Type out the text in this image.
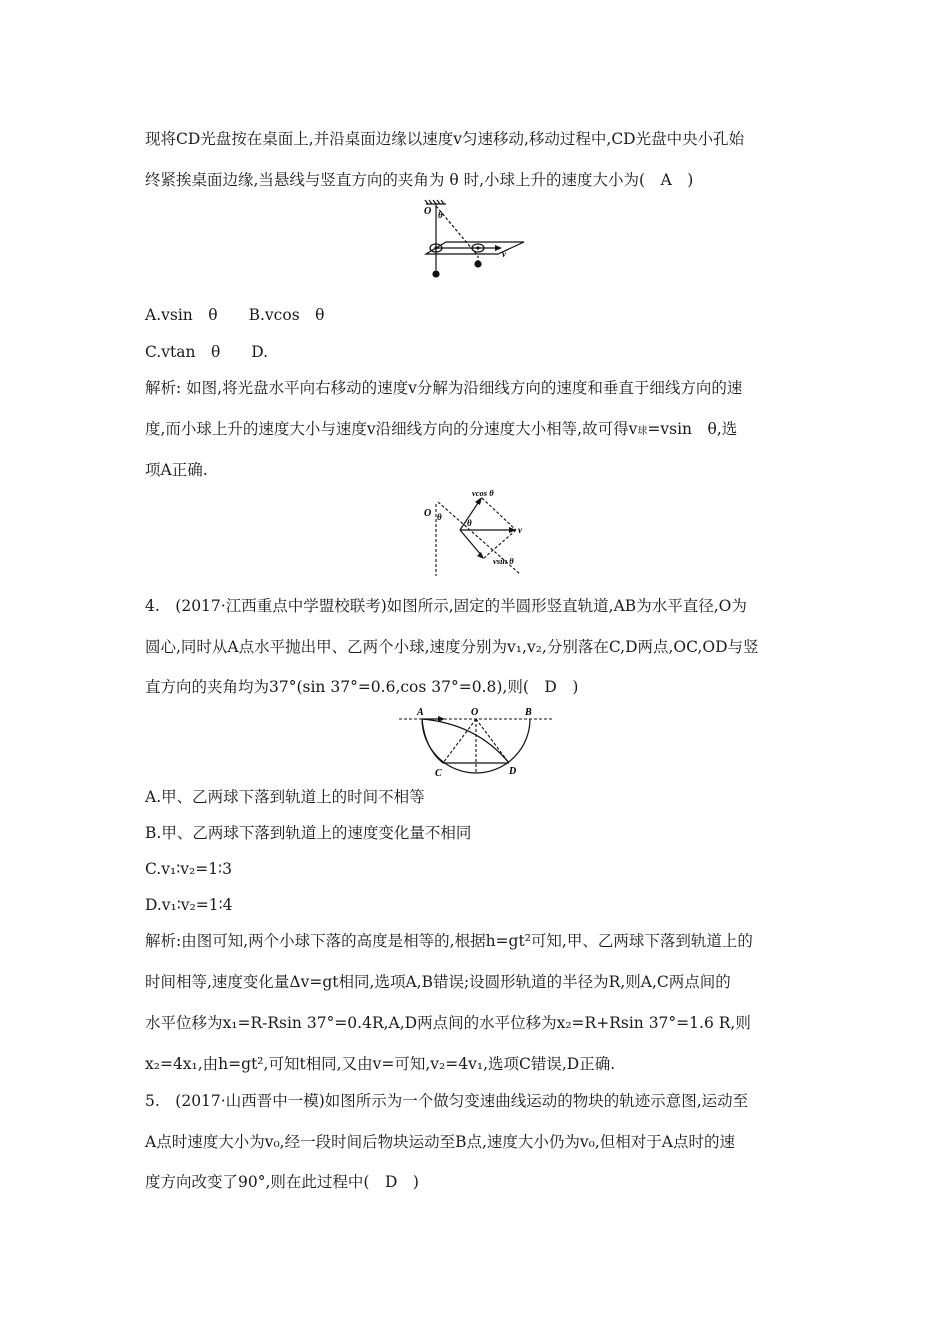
现将CD光盘按在桌面上,并沿桌面边缘以速度v匀速移动,移动过程中,CD光盘中央小孔始
终紧挨桌面边缘,当悬线与竖直方向的夹角为 θ 时,小球上升的速度大小为(　A　)
O θ
v
A.vsin　θ　　B.vcos　θ
C.vtan　θ　　D.
解析: 如图,将光盘水平向右移动的速度v分解为沿细线方向的速度和垂直于细线方向的速
度,而小球上升的速度大小与速度v沿细线方向的分速度大小相等,故可得v球=vsin　θ,选
项A正确.
O θ
θ
v
vcos θ
vsin θ
4.　(2017·江西重点中学盟校联考)如图所示,固定的半圆形竖直轨道,AB为水平直径,O为
圆心,同时从A点水平抛出甲、乙两个小球,速度分别为v₁,v₂,分别落在C,D两点,OC,OD与竖
直方向的夹角均为37°(sin 37°=0.6,cos 37°=0.8),则(　D　)
A	O	B
C	D
A.甲、乙两球下落到轨道上的时间不相等
B.甲、乙两球下落到轨道上的速度变化量不相同
C.v₁∶v₂=1∶3
D.v₁∶v₂=1∶4
解析:由图可知,两个小球下落的高度是相等的,根据h=gt²可知,甲、乙两球下落到轨道上的
时间相等,速度变化量Δv=gt相同,选项A,B错误;设圆形轨道的半径为R,则A,C两点间的
水平位移为x₁=R-Rsin 37°=0.4R,A,D两点间的水平位移为x₂=R+Rsin 37°=1.6 R,则
x₂=4x₁,由h=gt²,可知t相同,又由v=可知,v₂=4v₁,选项C错误,D正确.
5.　(2017·山西晋中一模)如图所示为一个做匀变速曲线运动的物块的轨迹示意图,运动至
A点时速度大小为v₀,经一段时间后物块运动至B点,速度大小仍为v₀,但相对于A点时的速
度方向改变了90°,则在此过程中(　D　)
